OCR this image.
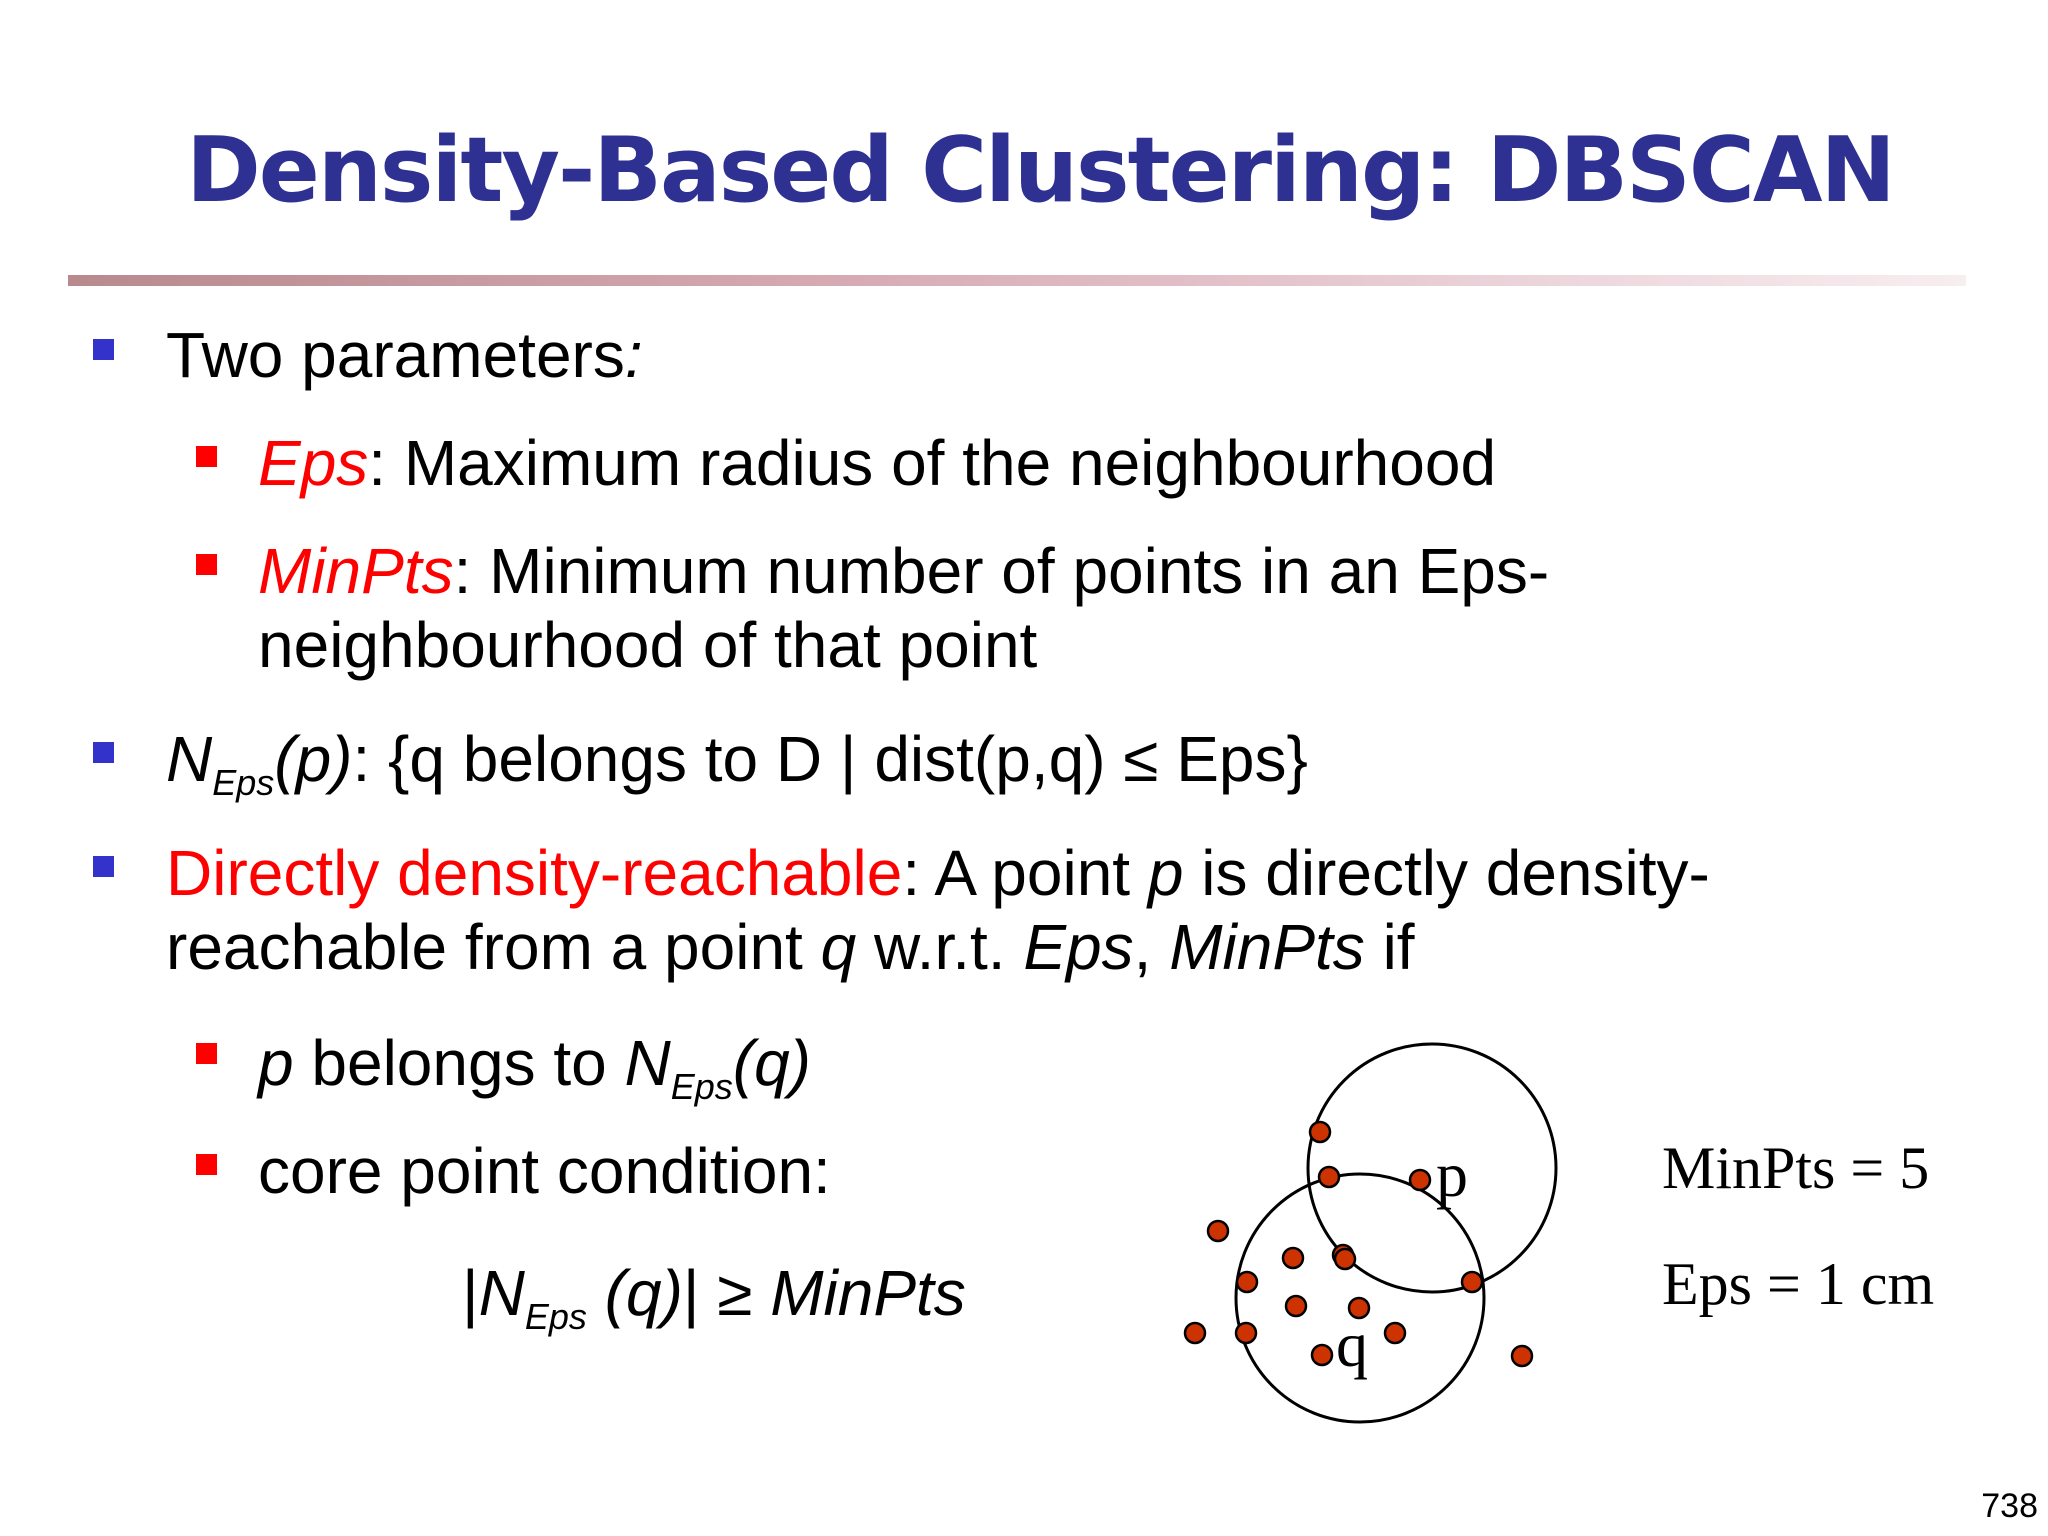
Density-Based Clustering: DBSCAN
Two parameters:
Eps: Maximum radius of the neighbourhood
MinPts: Minimum number of points in an Eps-
neighbourhood of that point
$N_{Eps}(p)$: {q belongs to D | dist(p,q) ≤ Eps}
Directly density-reachable: A point p is directly density-
reachable from a point q w.r.t. Eps, MinPts if
p belongs to $N_{Eps}(q)$
core point condition:
$|N_{Eps}$ (q)| ≥ MinPts
p
q
MinPts = 5
Eps = 1 cm
738
